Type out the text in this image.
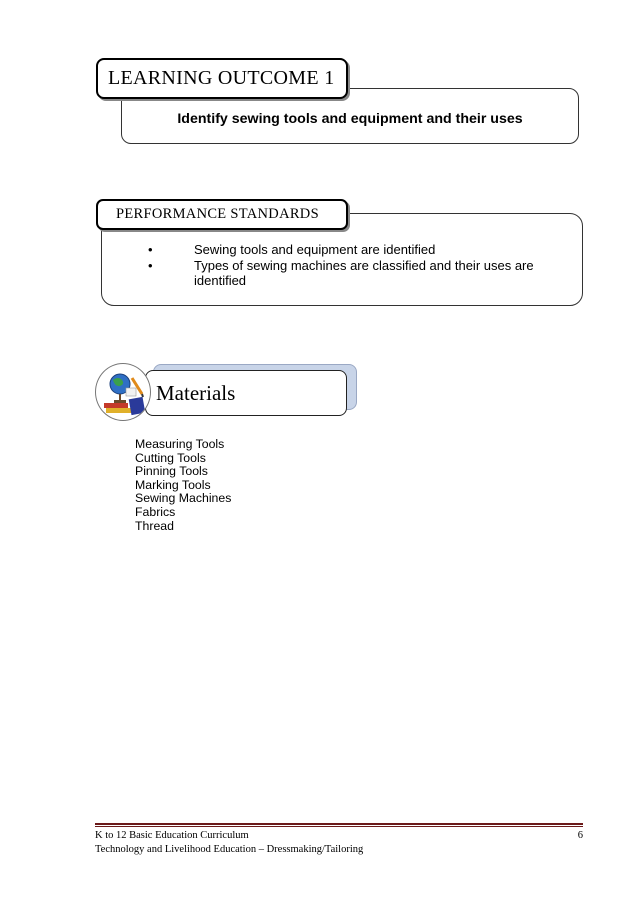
LEARNING OUTCOME 1
Identify sewing tools and equipment and their uses
PERFORMANCE STANDARDS
•	Sewing tools and equipment are identified
•	Types of sewing machines are classified and their uses are identified
Materials
Measuring Tools
Cutting Tools
Pinning Tools
Marking Tools
Sewing Machines
Fabrics
Thread
K to 12 Basic Education Curriculum
Technology and Livelihood Education – Dressmaking/Tailoring
6
